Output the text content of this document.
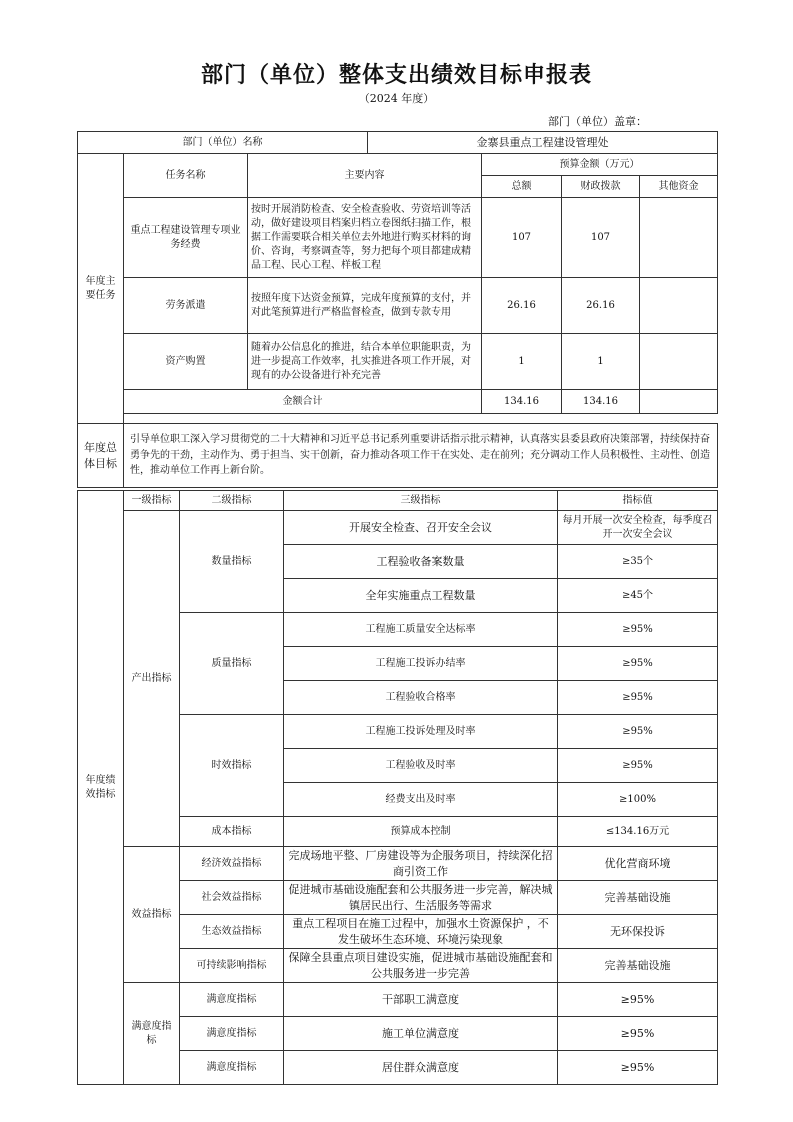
部门（单位）整体支出绩效目标申报表
（2024 年度）
部门（单位）盖章：
部门（单位）名称			金寨县重点工程建设管理处			
年度主要任务	任务名称	主要内容		预算金额（万元）		
				总额	财政拨款	其他资金
	重点工程建设管理专项业务经费	按时开展消防检查、安全检查验收、劳资培训等活动，做好建设项目档案归档立卷图纸扫描工作，根据工作需要联合相关单位去外地进行购买材料的询价、咨询，考察调查等，努力把每个项目都建成精品工程、民心工程、样板工程		107	107	
	劳务派遣	按照年度下达资金预算，完成年度预算的支付，并对此笔预算进行严格监督检查，做到专款专用		26.16	26.16	
	资产购置	随着办公信息化的推进，结合本单位职能职责，为进一步提高工作效率，扎实推进各项工作开展，对现有的办公设备进行补充完善		1	1	
	金额合计			134.16	134.16	

年度总体目标	引导单位职工深入学习贯彻党的二十大精神和习近平总书记系列重要讲话指示批示精神，认真落实县委县政府决策部署，持续保持奋勇争先的干劲，主动作为、勇于担当、实干创新，奋力推动各项工作干在实处、走在前列；充分调动工作人员积极性、主动性、创造性，推动单位工作再上新台阶。					
年度绩效指标	一级指标	二级指标	三级指标	指标值
	产出指标	数量指标	开展安全检查、召开安全会议	每月开展一次安全检查，每季度召开一次安全会议
			工程验收备案数量	≥35个
			全年实施重点工程数量	≥45个
		质量指标	工程施工质量安全达标率	≥95%
			工程施工投诉办结率	≥95%
			工程验收合格率	≥95%
		时效指标	工程施工投诉处理及时率	≥95%
			工程验收及时率	≥95%
			经费支出及时率	≥100%
		成本指标	预算成本控制	≤134.16万元
	效益指标	经济效益指标	完成场地平整、厂房建设等为企服务项目，持续深化招商引资工作	优化营商环境
		社会效益指标	促进城市基础设施配套和公共服务进一步完善，解决城镇居民出行、生活服务等需求	完善基础设施
		生态效益指标	重点工程项目在施工过程中，加强水土资源保护 ，不发生破坏生态环境、环境污染现象	无环保投诉
		可持续影响指标	保障全县重点项目建设实施，促进城市基础设施配套和公共服务进一步完善	完善基础设施
	满意度指标	满意度指标	干部职工满意度	≥95%
		满意度指标	施工单位满意度	≥95%
		满意度指标	居住群众满意度	≥95%
